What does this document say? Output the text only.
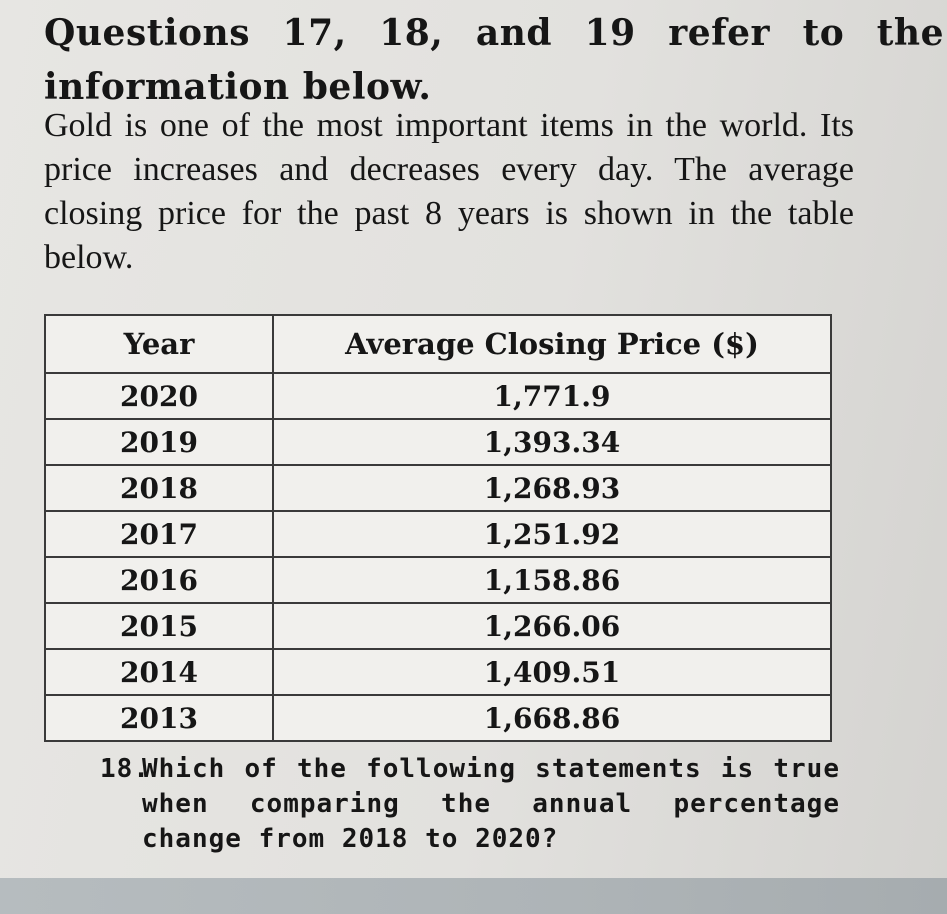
Questions 17, 18, and 19 refer to the information below.

Gold is one of the most important items in the world. Its price increases and decreases every day. The average closing price for the past 8 years is shown in the table below.

Year	Average Closing Price ($)
2020	1,771.9
2019	1,393.34
2018	1,268.93
2017	1,251.92
2016	1,158.86
2015	1,266.06
2014	1,409.51
2013	1,668.86
18.
Which of the following statements is true when comparing the annual percentage change from 2018 to 2020?
